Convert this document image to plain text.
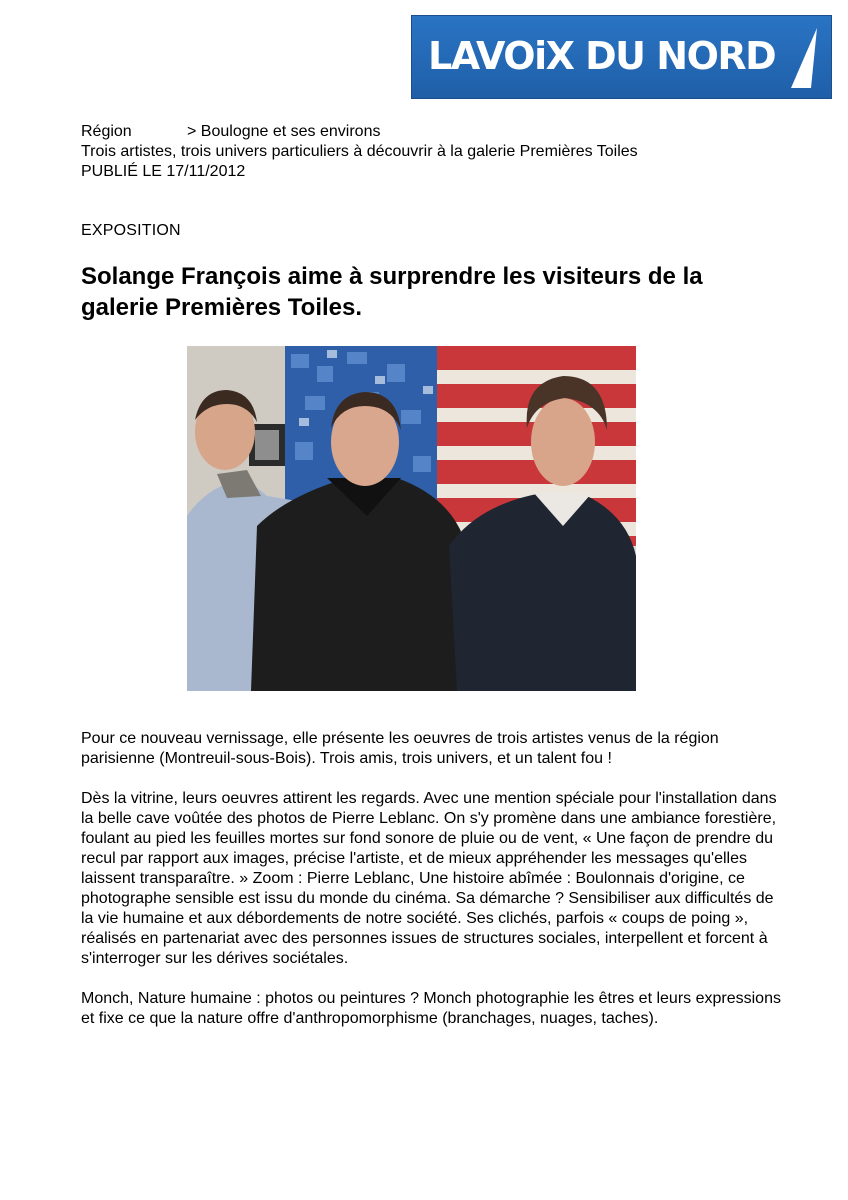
LAVOiX DU NORD
Région	> Boulogne et ses environs
Trois artistes, trois univers particuliers à découvrir à la galerie Premières Toiles
PUBLIÉ LE 17/11/2012
EXPOSITION
Solange François aime à surprendre les visiteurs de la galerie Premières Toiles.

Pour ce nouveau vernissage, elle présente les oeuvres de trois artistes venus de la région parisienne (Montreuil-sous-Bois). Trois amis, trois univers, et un talent fou !

Dès la vitrine, leurs oeuvres attirent les regards. Avec une mention spéciale pour l'installation dans la belle cave voûtée des photos de Pierre Leblanc. On s'y promène dans une ambiance forestière, foulant au pied les feuilles mortes sur fond sonore de pluie ou de vent, « Une façon de prendre du recul par rapport aux images, précise l'artiste, et de mieux appréhender les messages qu'elles laissent transparaître. » Zoom : Pierre Leblanc, Une histoire abîmée : Boulonnais d'origine, ce photographe sensible est issu du monde du cinéma. Sa démarche ? Sensibiliser aux difficultés de la vie humaine et aux débordements de notre société. Ses clichés, parfois « coups de poing », réalisés en partenariat avec des personnes issues de structures sociales, interpellent et forcent à s'interroger sur les dérives sociétales.

Monch, Nature humaine : photos ou peintures ? Monch photographie les êtres et leurs expressions et fixe ce que la nature offre d'anthropomorphisme (branchages, nuages, taches).
